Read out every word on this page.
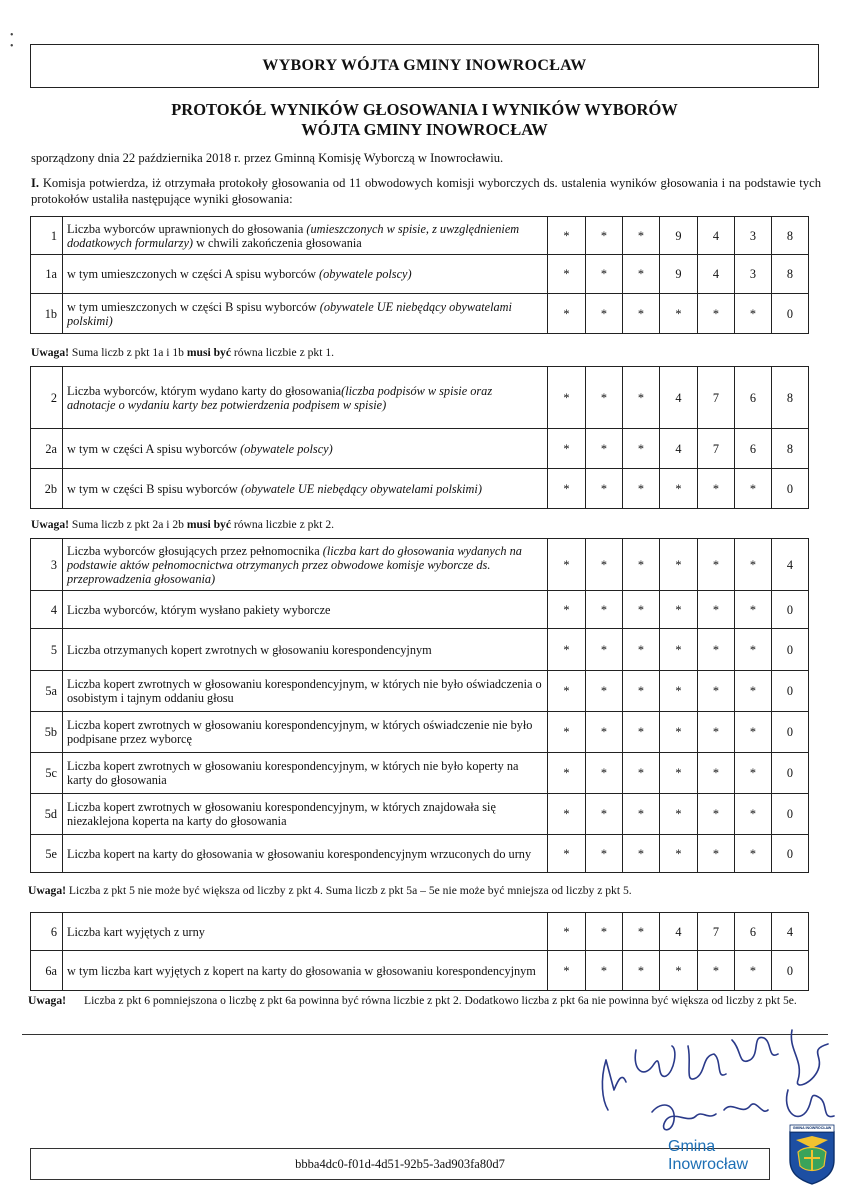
•
•
WYBORY WÓJTA GMINY INOWROCŁAW
PROTOKÓŁ WYNIKÓW GŁOSOWANIA I WYNIKÓW WYBORÓW
WÓJTA GMINY INOWROCŁAW
sporządzony dnia 22 października 2018 r. przez Gminną Komisję Wyborczą w Inowrocławiu.
I. Komisja potwierdza, iż otrzymała protokoły głosowania od 11 obwodowych komisji wyborczych ds. ustalenia wyników głosowania i na podstawie tych protokołów ustaliła następujące wyniki głosowania:
1	Liczba wyborców uprawnionych do głosowania (umieszczonych w spisie, z uwzględnieniem dodatkowych formularzy) w chwili zakończenia głosowania	*	*	*	9	4	3	8
1a	w tym umieszczonych w części A spisu wyborców (obywatele polscy)	*	*	*	9	4	3	8
1b	w tym umieszczonych w części B spisu wyborców (obywatele UE niebędący obywatelami polskimi)	*	*	*	*	*	*	0
Uwaga! Suma liczb z pkt 1a i 1b musi być równa liczbie z pkt 1.
2	Liczba wyborców, którym wydano karty do głosowania(liczba podpisów w spisie oraz adnotacje o wydaniu karty bez potwierdzenia podpisem w spisie)	*	*	*	4	7	6	8
2a	w tym w części A spisu wyborców (obywatele polscy)	*	*	*	4	7	6	8
2b	w tym w części B spisu wyborców (obywatele UE niebędący obywatelami polskimi)	*	*	*	*	*	*	0
Uwaga! Suma liczb z pkt 2a i 2b musi być równa liczbie z pkt 2.
3	Liczba wyborców głosujących przez pełnomocnika (liczba kart do głosowania wydanych na podstawie aktów pełnomocnictwa otrzymanych przez obwodowe komisje wyborcze ds. przeprowadzenia głosowania)	*	*	*	*	*	*	4
4	Liczba wyborców, którym wysłano pakiety wyborcze	*	*	*	*	*	*	0
5	Liczba otrzymanych kopert zwrotnych w głosowaniu korespondencyjnym	*	*	*	*	*	*	0
5a	Liczba kopert zwrotnych w głosowaniu korespondencyjnym, w których nie było oświadczenia o osobistym i tajnym oddaniu głosu	*	*	*	*	*	*	0
5b	Liczba kopert zwrotnych w głosowaniu korespondencyjnym, w których oświadczenie nie było podpisane przez wyborcę	*	*	*	*	*	*	0
5c	Liczba kopert zwrotnych w głosowaniu korespondencyjnym, w których nie było koperty na karty do głosowania	*	*	*	*	*	*	0
5d	Liczba kopert zwrotnych w głosowaniu korespondencyjnym, w których znajdowała się niezaklejona koperta na karty do głosowania	*	*	*	*	*	*	0
5e	Liczba kopert na karty do głosowania w głosowaniu korespondencyjnym wrzuconych do urny	*	*	*	*	*	*	0
Uwaga! Liczba z pkt 5 nie może być większa od liczby z pkt 4. Suma liczb z pkt 5a – 5e nie może być mniejsza od liczby z pkt 5.
6	Liczba kart wyjętych z urny	*	*	*	4	7	6	4
6a	w tym liczba kart wyjętych z kopert na karty do głosowania w głosowaniu korespondencyjnym	*	*	*	*	*	*	0
Uwaga! Liczba z pkt 6 pomniejszona o liczbę z pkt 6a powinna być równa liczbie z pkt 2. Dodatkowo liczba z pkt 6a nie powinna być większa od liczby z pkt 5e.
bbba4dc0-f01d-4d51-92b5-3ad903fa80d7
Gmina
Inowrocław
GMINA INOWROCŁAW
